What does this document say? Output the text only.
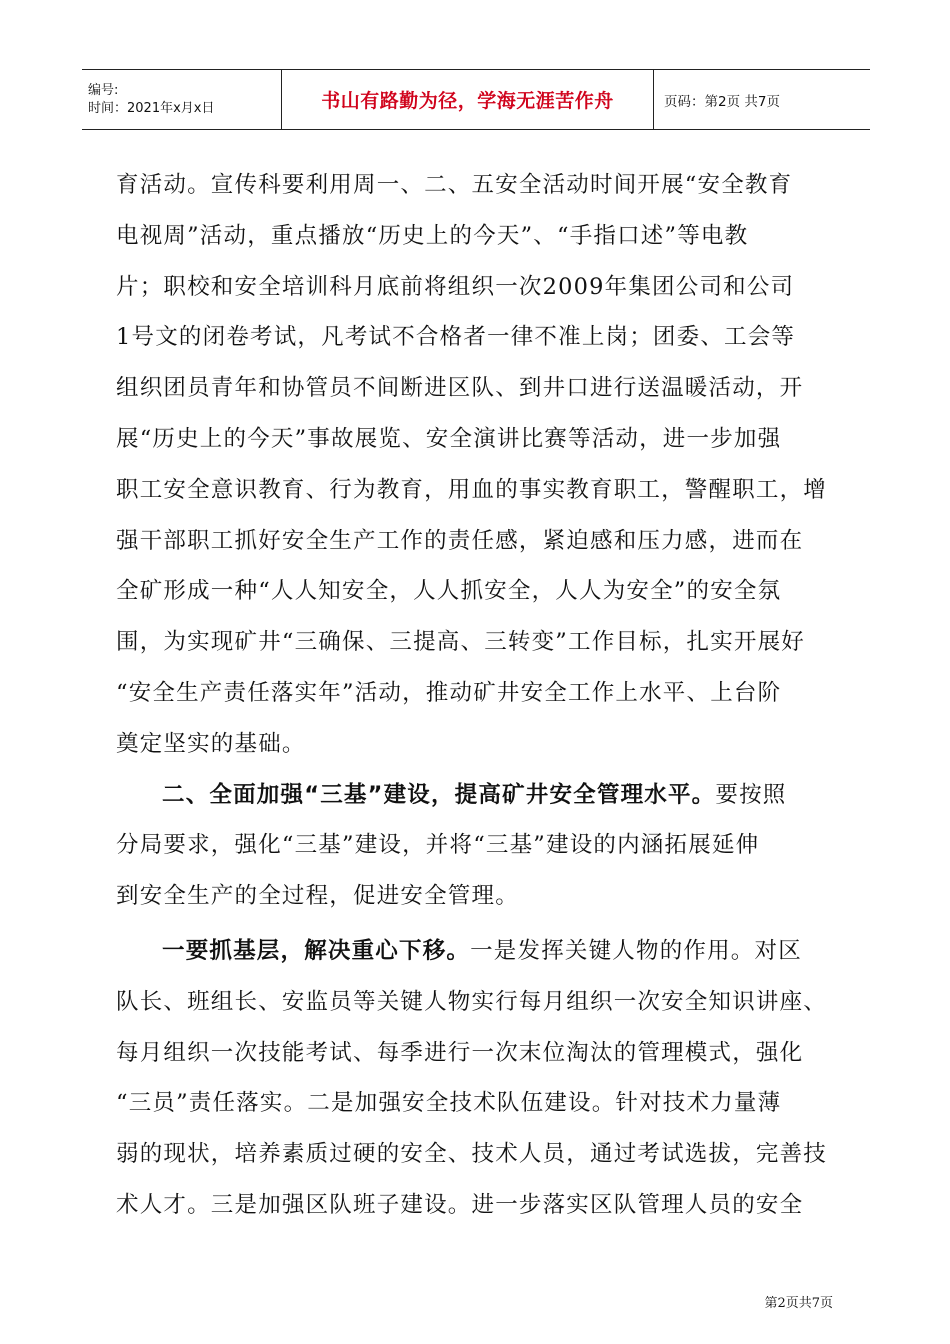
编号:
时间：2021年x月x日	书山有路勤为径，学海无涯苦作舟	页码：第2页 共7页
育活动。宣传科要利用周一、二、五安全活动时间开展“安全教育
电视周”活动，重点播放“历史上的今天”、“手指口述”等电教
片；职校和安全培训科月底前将组织一次2009年集团公司和公司
1号文的闭卷考试，凡考试不合格者一律不准上岗；团委、工会等
组织团员青年和协管员不间断进区队、到井口进行送温暖活动，开
展“历史上的今天”事故展览、安全演讲比赛等活动，进一步加强
职工安全意识教育、行为教育，用血的事实教育职工，警醒职工，增
强干部职工抓好安全生产工作的责任感，紧迫感和压力感，进而在
全矿形成一种“人人知安全，人人抓安全，人人为安全”的安全氛
围，为实现矿井“三确保、三提高、三转变”工作目标，扎实开展好
“安全生产责任落实年”活动，推动矿井安全工作上水平、上台阶
奠定坚实的基础。
二、全面加强“三基”建设，提高矿井安全管理水平。要按照
分局要求，强化“三基”建设，并将“三基”建设的内涵拓展延伸
到安全生产的全过程，促进安全管理。
一要抓基层，解决重心下移。一是发挥关键人物的作用。对区
队长、班组长、安监员等关键人物实行每月组织一次安全知识讲座、
每月组织一次技能考试、每季进行一次末位淘汰的管理模式，强化
“三员”责任落实。二是加强安全技术队伍建设。针对技术力量薄
弱的现状，培养素质过硬的安全、技术人员，通过考试选拔，完善技
术人才。三是加强区队班子建设。进一步落实区队管理人员的安全
第2页共7页
